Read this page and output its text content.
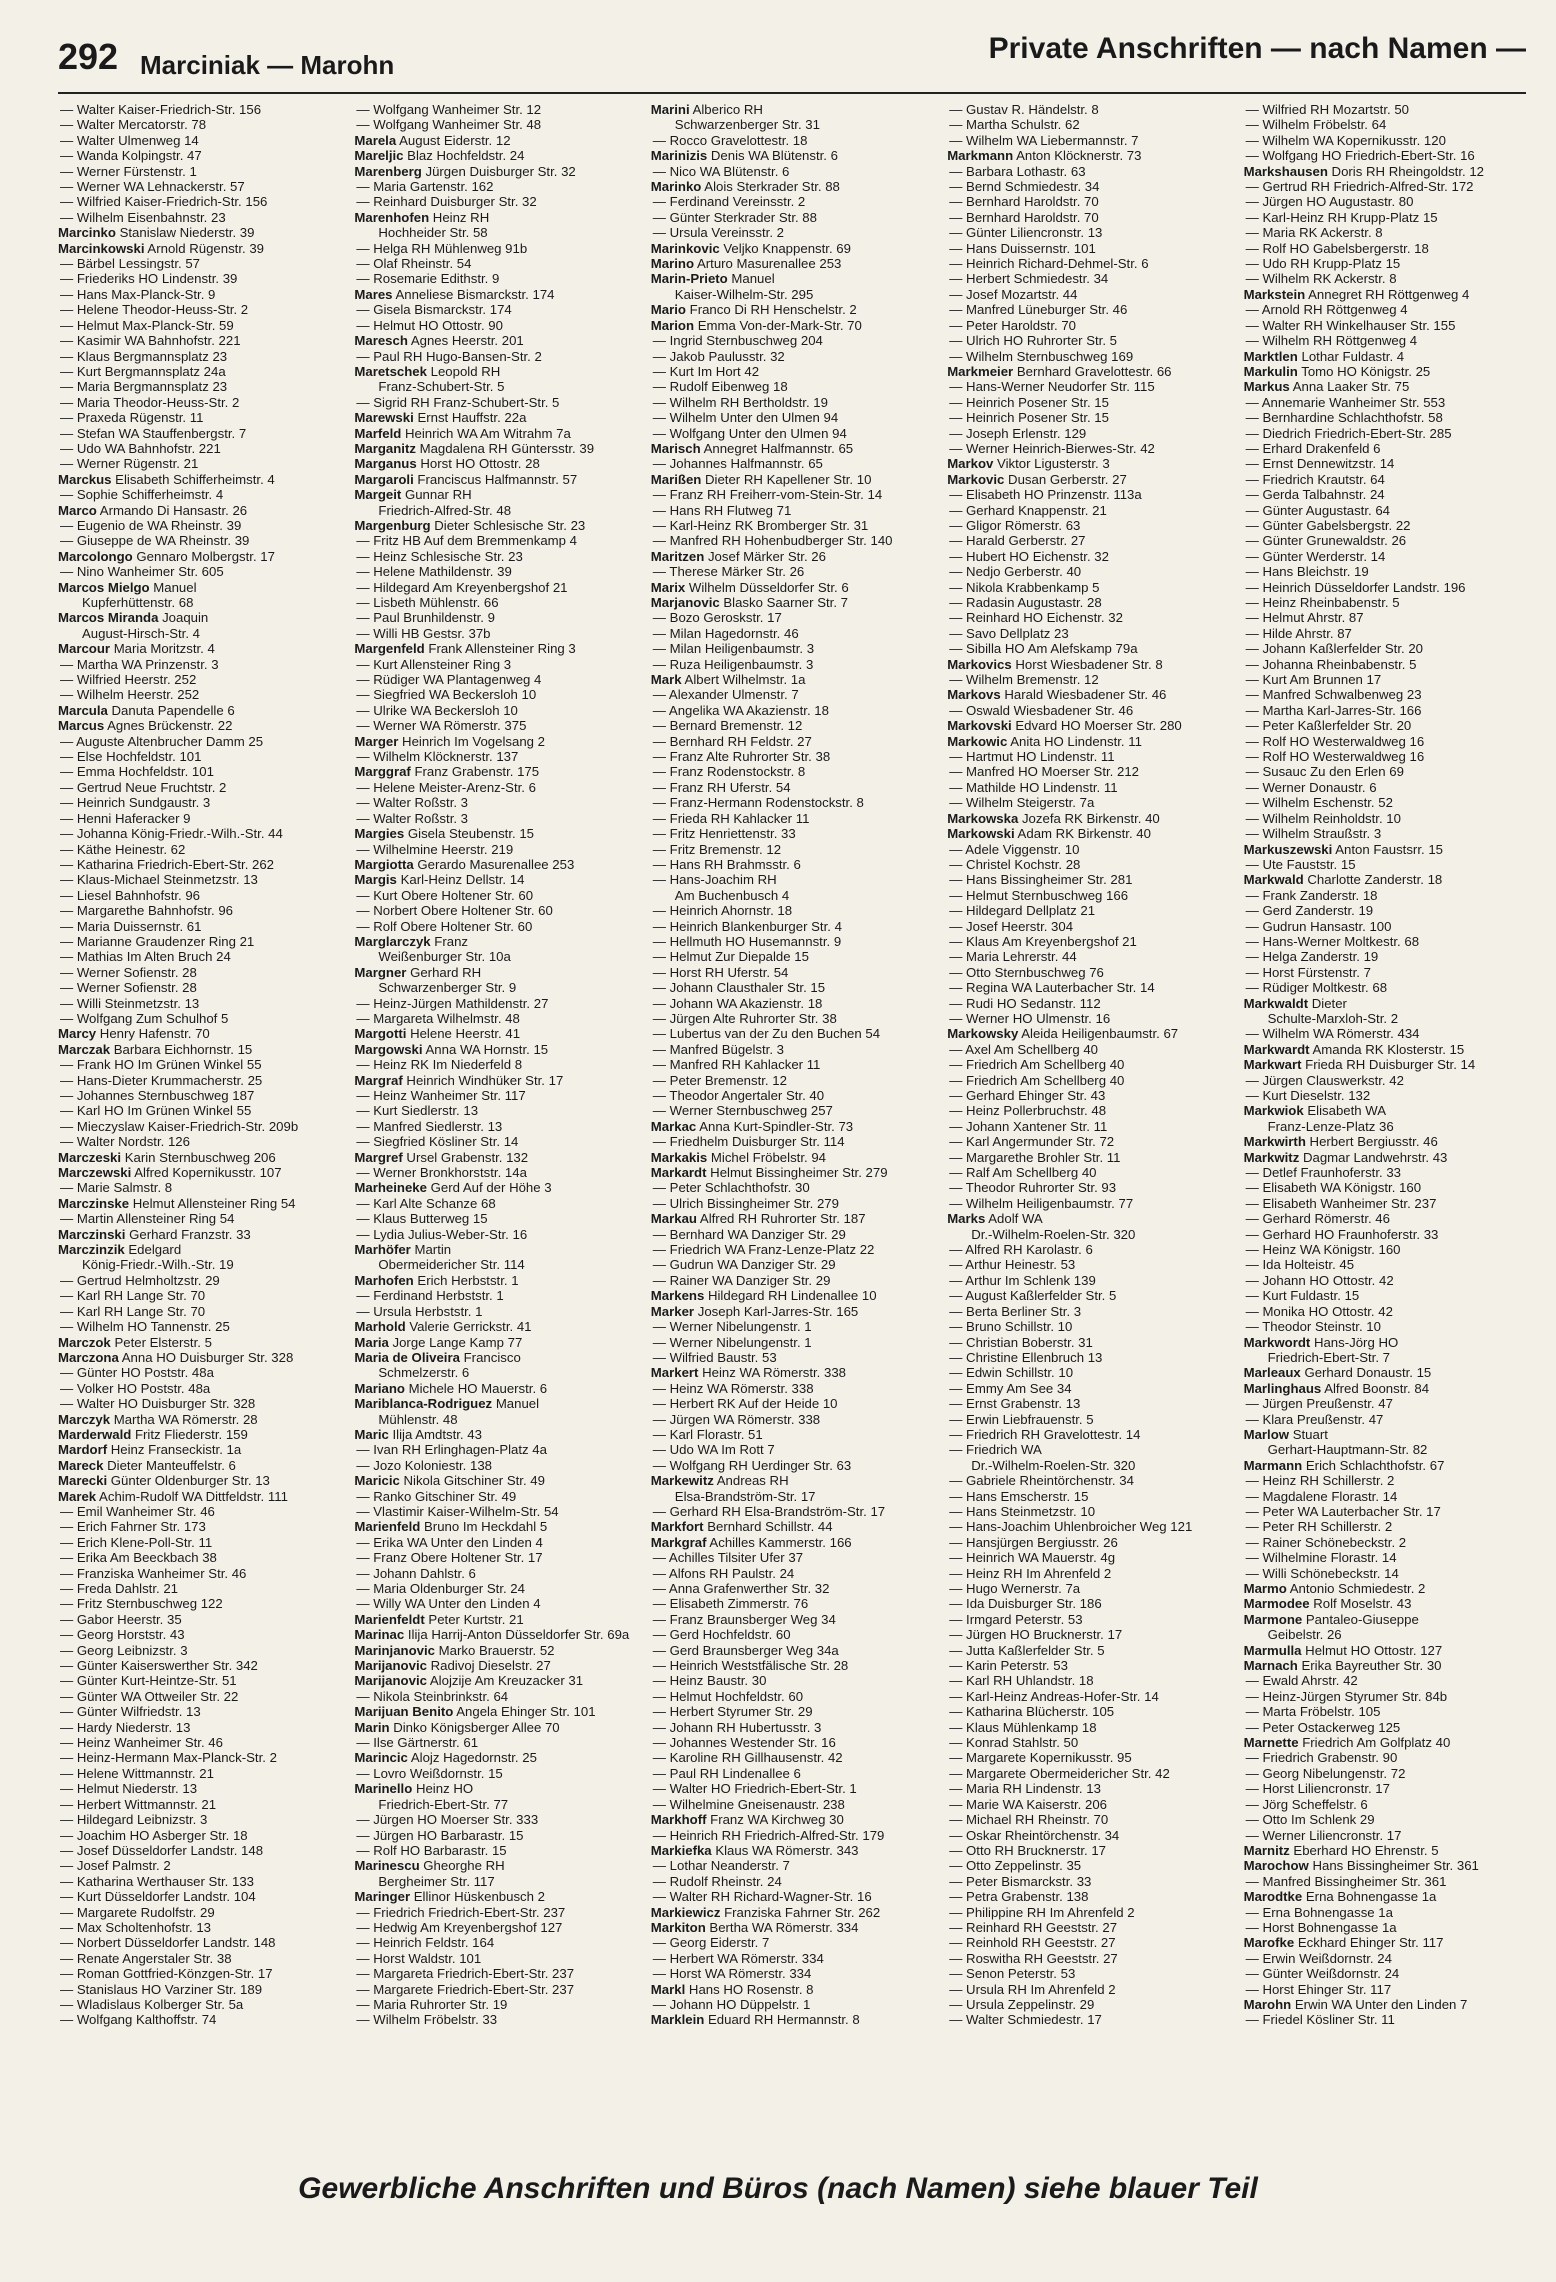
292 Marciniak — Marohn	Private Anschriften — nach Namen —
— Walter Kaiser-Friedrich-Str. 156
— Walter Mercatorstr. 78
— Walter Ulmenweg 14
— Wanda Kolpingstr. 47
— Werner Fürstenstr. 1
— Werner WA Lehnackerstr. 57
— Wilfried Kaiser-Friedrich-Str. 156
— Wilhelm Eisenbahnstr. 23
Marcinko Stanislaw Niederstr. 39
Marcinkowski Arnold Rügenstr. 39
— Bärbel Lessingstr. 57
— Friederiks HO Lindenstr. 39
— Hans Max-Planck-Str. 9
— Helene Theodor-Heuss-Str. 2
— Helmut Max-Planck-Str. 59
— Kasimir WA Bahnhofstr. 221
— Klaus Bergmannsplatz 23
— Kurt Bergmannsplatz 24a
— Maria Bergmannsplatz 23
— Maria Theodor-Heuss-Str. 2
— Praxeda Rügenstr. 11
— Stefan WA Stauffenbergstr. 7
— Udo WA Bahnhofstr. 221
— Werner Rügenstr. 21
Marckus Elisabeth Schifferheimstr. 4
— Sophie Schifferheimstr. 4
Marco Armando Di Hansastr. 26
— Eugenio de WA Rheinstr. 39
— Giuseppe de WA Rheinstr. 39
Marcolongo Gennaro Molbergstr. 17
— Nino Wanheimer Str. 605
Marcos Mielgo Manuel
Kupferhüttenstr. 68
Marcos Miranda Joaquin
August-Hirsch-Str. 4
Marcour Maria Moritzstr. 4
— Martha WA Prinzenstr. 3
— Wilfried Heerstr. 252
— Wilhelm Heerstr. 252
Marcula Danuta Papendelle 6
Marcus Agnes Brückenstr. 22
— Auguste Altenbrucher Damm 25
— Else Hochfeldstr. 101
— Emma Hochfeldstr. 101
— Gertrud Neue Fruchtstr. 2
— Heinrich Sundgaustr. 3
— Henni Haferacker 9
— Johanna König-Friedr.-Wilh.-Str. 44
— Käthe Heinestr. 62
— Katharina Friedrich-Ebert-Str. 262
— Klaus-Michael Steinmetzstr. 13
— Liesel Bahnhofstr. 96
— Margarethe Bahnhofstr. 96
— Maria Duissernstr. 61
— Marianne Graudenzer Ring 21
— Mathias Im Alten Bruch 24
— Werner Sofienstr. 28
— Werner Sofienstr. 28
— Willi Steinmetzstr. 13
— Wolfgang Zum Schulhof 5
Marcy Henry Hafenstr. 70
Marczak Barbara Eichhornstr. 15
— Frank HO Im Grünen Winkel 55
— Hans-Dieter Krummacherstr. 25
— Johannes Sternbuschweg 187
— Karl HO Im Grünen Winkel 55
— Mieczyslaw Kaiser-Friedrich-Str. 209b
— Walter Nordstr. 126
Marczeski Karin Sternbuschweg 206
Marczewski Alfred Kopernikusstr. 107
— Marie Salmstr. 8
Marczinske Helmut Allensteiner Ring 54
— Martin Allensteiner Ring 54
Marczinski Gerhard Franzstr. 33
Marczinzik Edelgard
König-Friedr.-Wilh.-Str. 19
— Gertrud Helmholtzstr. 29
— Karl RH Lange Str. 70
— Karl RH Lange Str. 70
— Wilhelm HO Tannenstr. 25
Marczok Peter Elsterstr. 5
Marczona Anna HO Duisburger Str. 328
— Günter HO Poststr. 48a
— Volker HO Poststr. 48a
— Walter HO Duisburger Str. 328
Marczyk Martha WA Römerstr. 28
Marderwald Fritz Fliederstr. 159
Mardorf Heinz Franseckistr. 1a
Mareck Dieter Manteuffelstr. 6
Marecki Günter Oldenburger Str. 13
Marek Achim-Rudolf WA Dittfeldstr. 111
— Emil Wanheimer Str. 46
— Erich Fahrner Str. 173
— Erich Klene-Poll-Str. 11
— Erika Am Beeckbach 38
— Franziska Wanheimer Str. 46
— Freda Dahlstr. 21
— Fritz Sternbuschweg 122
— Gabor Heerstr. 35
— Georg Horststr. 43
— Georg Leibnizstr. 3
— Günter Kaiserswerther Str. 342
— Günter Kurt-Heintze-Str. 51
— Günter WA Ottweiler Str. 22
— Günter Wilfriedstr. 13
— Hardy Niederstr. 13
— Heinz Wanheimer Str. 46
— Heinz-Hermann Max-Planck-Str. 2
— Helene Wittmannstr. 21
— Helmut Niederstr. 13
— Herbert Wittmannstr. 21
— Hildegard Leibnizstr. 3
— Joachim HO Asberger Str. 18
— Josef Düsseldorfer Landstr. 148
— Josef Palmstr. 2
— Katharina Werthauser Str. 133
— Kurt Düsseldorfer Landstr. 104
— Margarete Rudolfstr. 29
— Max Scholtenhofstr. 13
— Norbert Düsseldorfer Landstr. 148
— Renate Angerstaler Str. 38
— Roman Gottfried-Könzgen-Str. 17
— Stanislaus HO Varziner Str. 189
— Wladislaus Kolberger Str. 5a
— Wolfgang Kalthoffstr. 74
— Wolfgang Wanheimer Str. 12
— Wolfgang Wanheimer Str. 48
Marela August Eiderstr. 12
Mareljic Blaz Hochfeldstr. 24
Marenberg Jürgen Duisburger Str. 32
— Maria Gartenstr. 162
— Reinhard Duisburger Str. 32
Marenhofen Heinz RH
Hochheider Str. 58
— Helga RH Mühlenweg 91b
— Olaf Rheinstr. 54
— Rosemarie Edithstr. 9
Mares Anneliese Bismarckstr. 174
— Gisela Bismarckstr. 174
— Helmut HO Ottostr. 90
Maresch Agnes Heerstr. 201
— Paul RH Hugo-Bansen-Str. 2
Maretschek Leopold RH
Franz-Schubert-Str. 5
— Sigrid RH Franz-Schubert-Str. 5
Marewski Ernst Hauffstr. 22a
Marfeld Heinrich WA Am Witrahm 7a
Marganitz Magdalena RH Güntersstr. 39
Marganus Horst HO Ottostr. 28
Margaroli Franciscus Halfmannstr. 57
Margeit Gunnar RH
Friedrich-Alfred-Str. 48
Margenburg Dieter Schlesische Str. 23
— Fritz HB Auf dem Bremmenkamp 4
— Heinz Schlesische Str. 23
— Helene Mathildenstr. 39
— Hildegard Am Kreyenbergshof 21
— Lisbeth Mühlenstr. 66
— Paul Brunhildenstr. 9
— Willi HB Gestsr. 37b
Margenfeld Frank Allensteiner Ring 3
— Kurt Allensteiner Ring 3
— Rüdiger WA Plantagenweg 4
— Siegfried WA Beckersloh 10
— Ulrike WA Beckersloh 10
— Werner WA Römerstr. 375
Marger Heinrich Im Vogelsang 2
— Wilhelm Klöcknerstr. 137
Marggraf Franz Grabenstr. 175
— Helene Meister-Arenz-Str. 6
— Walter Roßstr. 3
— Walter Roßstr. 3
Margies Gisela Steubenstr. 15
— Wilhelmine Heerstr. 219
Margiotta Gerardo Masurenallee 253
Margis Karl-Heinz Dellstr. 14
— Kurt Obere Holtener Str. 60
— Norbert Obere Holtener Str. 60
— Rolf Obere Holtener Str. 60
Marglarczyk Franz
Weißenburger Str. 10a
Margner Gerhard RH
Schwarzenberger Str. 9
— Heinz-Jürgen Mathildenstr. 27
— Margareta Wilhelmstr. 48
Margotti Helene Heerstr. 41
Margowski Anna WA Hornstr. 15
— Heinz RK Im Niederfeld 8
Margraf Heinrich Windhüker Str. 17
— Heinz Wanheimer Str. 117
— Kurt Siedlerstr. 13
— Manfred Siedlerstr. 13
— Siegfried Kösliner Str. 14
Margref Ursel Grabenstr. 132
— Werner Bronkhorststr. 14a
Marheineke Gerd Auf der Höhe 3
— Karl Alte Schanze 68
— Klaus Butterweg 15
— Lydia Julius-Weber-Str. 16
Marhöfer Martin
Obermeidericher Str. 114
Marhofen Erich Herbststr. 1
— Ferdinand Herbststr. 1
— Ursula Herbststr. 1
Marhold Valerie Gerrickstr. 41
Maria Jorge Lange Kamp 77
Maria de Oliveira Francisco
Schmelzerstr. 6
Mariano Michele HO Mauerstr. 6
Mariblanca-Rodriguez Manuel
Mühlenstr. 48
Maric Ilija Amdtstr. 43
— Ivan RH Erlinghagen-Platz 4a
— Jozo Koloniestr. 138
Maricic Nikola Gitschiner Str. 49
— Ranko Gitschiner Str. 49
— Vlastimir Kaiser-Wilhelm-Str. 54
Marienfeld Bruno Im Heckdahl 5
— Erika WA Unter den Linden 4
— Franz Obere Holtener Str. 17
— Johann Dahlstr. 6
— Maria Oldenburger Str. 24
— Willy WA Unter den Linden 4
Marienfeldt Peter Kurtstr. 21
Marinac Ilija Harrij-Anton Düsseldorfer Str. 69a
Marinjanovic Marko Brauerstr. 52
Marijanovic Radivoj Dieselstr. 27
Marijanovic Alojzije Am Kreuzacker 31
— Nikola Steinbrinkstr. 64
Marijuan Benito Angela Ehinger Str. 101
Marin Dinko Königsberger Allee 70
— Ilse Gärtnerstr. 61
Marincic Alojz Hagedornstr. 25
— Lovro Weißdornstr. 15
Marinello Heinz HO
Friedrich-Ebert-Str. 77
— Jürgen HO Moerser Str. 333
— Jürgen HO Barbarastr. 15
— Rolf HO Barbarastr. 15
Marinescu Gheorghe RH
Bergheimer Str. 117
Maringer Ellinor Hüskenbusch 2
— Friedrich Friedrich-Ebert-Str. 237
— Hedwig Am Kreyenbergshof 127
— Heinrich Feldstr. 164
— Horst Waldstr. 101
— Margareta Friedrich-Ebert-Str. 237
— Margarete Friedrich-Ebert-Str. 237
— Maria Ruhrorter Str. 19
— Wilhelm Fröbelstr. 33
Marini Alberico RH
Schwarzenberger Str. 31
— Rocco Gravelottestr. 18
Marinizis Denis WA Blütenstr. 6
— Nico WA Blütenstr. 6
Marinko Alois Sterkrader Str. 88
— Ferdinand Vereinsstr. 2
— Günter Sterkrader Str. 88
— Ursula Vereinsstr. 2
Marinkovic Veljko Knappenstr. 69
Marino Arturo Masurenallee 253
Marin-Prieto Manuel
Kaiser-Wilhelm-Str. 295
Mario Franco Di RH Henschelstr. 2
Marion Emma Von-der-Mark-Str. 70
— Ingrid Sternbuschweg 204
— Jakob Paulusstr. 32
— Kurt Im Hort 42
— Rudolf Eibenweg 18
— Wilhelm RH Bertholdstr. 19
— Wilhelm Unter den Ulmen 94
— Wolfgang Unter den Ulmen 94
Marisch Annegret Halfmannstr. 65
— Johannes Halfmannstr. 65
Marißen Dieter RH Kapellener Str. 10
— Franz RH Freiherr-vom-Stein-Str. 14
— Hans RH Flutweg 71
— Karl-Heinz RK Bromberger Str. 31
— Manfred RH Hohenbudberger Str. 140
Maritzen Josef Märker Str. 26
— Therese Märker Str. 26
Marix Wilhelm Düsseldorfer Str. 6
Marjanovic Blasko Saarner Str. 7
— Bozo Geroskstr. 17
— Milan Hagedornstr. 46
— Milan Heiligenbaumstr. 3
— Ruza Heiligenbaumstr. 3
Mark Albert Wilhelmstr. 1a
— Alexander Ulmenstr. 7
— Angelika WA Akazienstr. 18
— Bernard Bremenstr. 12
— Bernhard RH Feldstr. 27
— Franz Alte Ruhrorter Str. 38
— Franz Rodenstockstr. 8
— Franz RH Uferstr. 54
— Franz-Hermann Rodenstockstr. 8
— Frieda RH Kahlacker 11
— Fritz Henriettenstr. 33
— Fritz Bremenstr. 12
— Hans RH Brahmsstr. 6
— Hans-Joachim RH
Am Buchenbusch 4
— Heinrich Ahornstr. 18
— Heinrich Blankenburger Str. 4
— Hellmuth HO Husemannstr. 9
— Helmut Zur Diepalde 15
— Horst RH Uferstr. 54
— Johann Clausthaler Str. 15
— Johann WA Akazienstr. 18
— Jürgen Alte Ruhrorter Str. 38
— Lubertus van der Zu den Buchen 54
— Manfred Bügelstr. 3
— Manfred RH Kahlacker 11
— Peter Bremenstr. 12
— Theodor Angertaler Str. 40
— Werner Sternbuschweg 257
Markac Anna Kurt-Spindler-Str. 73
— Friedhelm Duisburger Str. 114
Markakis Michel Fröbelstr. 94
Markardt Helmut Bissingheimer Str. 279
— Peter Schlachthofstr. 30
— Ulrich Bissingheimer Str. 279
Markau Alfred RH Ruhrorter Str. 187
— Bernhard WA Danziger Str. 29
— Friedrich WA Franz-Lenze-Platz 22
— Gudrun WA Danziger Str. 29
— Rainer WA Danziger Str. 29
Markens Hildegard RH Lindenallee 10
Marker Joseph Karl-Jarres-Str. 165
— Werner Nibelungenstr. 1
— Werner Nibelungenstr. 1
— Wilfried Baustr. 53
Markert Heinz WA Römerstr. 338
— Heinz WA Römerstr. 338
— Herbert RK Auf der Heide 10
— Jürgen WA Römerstr. 338
— Karl Florastr. 51
— Udo WA Im Rott 7
— Wolfgang RH Uerdinger Str. 63
Markewitz Andreas RH
Elsa-Brandström-Str. 17
— Gerhard RH Elsa-Brandström-Str. 17
Markfort Bernhard Schillstr. 44
Markgraf Achilles Kammerstr. 166
— Achilles Tilsiter Ufer 37
— Alfons RH Paulstr. 24
— Anna Grafenwerther Str. 32
— Elisabeth Zimmerstr. 76
— Franz Braunsberger Weg 34
— Gerd Hochfeldstr. 60
— Gerd Braunsberger Weg 34a
— Heinrich Weststfälische Str. 28
— Heinz Baustr. 30
— Helmut Hochfeldstr. 60
— Herbert Styrumer Str. 29
— Johann RH Hubertusstr. 3
— Johannes Westender Str. 16
— Karoline RH Gillhausenstr. 42
— Paul RH Lindenallee 6
— Walter HO Friedrich-Ebert-Str. 1
— Wilhelmine Gneisenaustr. 238
Markhoff Franz WA Kirchweg 30
— Heinrich RH Friedrich-Alfred-Str. 179
Markiefka Klaus WA Römerstr. 343
— Lothar Neanderstr. 7
— Rudolf Rheinstr. 24
— Walter RH Richard-Wagner-Str. 16
Markiewicz Franziska Fahrner Str. 262
Markiton Bertha WA Römerstr. 334
— Georg Eiderstr. 7
— Herbert WA Römerstr. 334
— Horst WA Römerstr. 334
Markl Hans HO Rosenstr. 8
— Johann HO Düppelstr. 1
Marklein Eduard RH Hermannstr. 8
— Gustav R. Händelstr. 8
— Martha Schulstr. 62
— Wilhelm WA Liebermannstr. 7
Markmann Anton Klöcknerstr. 73
— Barbara Lothastr. 63
— Bernd Schmiedestr. 34
— Bernhard Haroldstr. 70
— Bernhard Haroldstr. 70
— Günter Liliencronstr. 13
— Hans Duissernstr. 101
— Heinrich Richard-Dehmel-Str. 6
— Herbert Schmiedestr. 34
— Josef Mozartstr. 44
— Manfred Lüneburger Str. 46
— Peter Haroldstr. 70
— Ulrich HO Ruhrorter Str. 5
— Wilhelm Sternbuschweg 169
Markmeier Bernhard Gravelottestr. 66
— Hans-Werner Neudorfer Str. 115
— Heinrich Posener Str. 15
— Heinrich Posener Str. 15
— Joseph Erlenstr. 129
— Werner Heinrich-Bierwes-Str. 42
Markov Viktor Ligusterstr. 3
Markovic Dusan Gerberstr. 27
— Elisabeth HO Prinzenstr. 113a
— Gerhard Knappenstr. 21
— Gligor Römerstr. 63
— Harald Gerberstr. 27
— Hubert HO Eichenstr. 32
— Nedjo Gerberstr. 40
— Nikola Krabbenkamp 5
— Radasin Augustastr. 28
— Reinhard HO Eichenstr. 32
— Savo Dellplatz 23
— Sibilla HO Am Alefskamp 79a
Markovics Horst Wiesbadener Str. 8
— Wilhelm Bremenstr. 12
Markovs Harald Wiesbadener Str. 46
— Oswald Wiesbadener Str. 46
Markovski Edvard HO Moerser Str. 280
Markowic Anita HO Lindenstr. 11
— Hartmut HO Lindenstr. 11
— Manfred HO Moerser Str. 212
— Mathilde HO Lindenstr. 11
— Wilhelm Steigerstr. 7a
Markowska Jozefa RK Birkenstr. 40
Markowski Adam RK Birkenstr. 40
— Adele Viggenstr. 10
— Christel Kochstr. 28
— Hans Bissingheimer Str. 281
— Helmut Sternbuschweg 166
— Hildegard Dellplatz 21
— Josef Heerstr. 304
— Klaus Am Kreyenbergshof 21
— Maria Lehrerstr. 44
— Otto Sternbuschweg 76
— Regina WA Lauterbacher Str. 14
— Rudi HO Sedanstr. 112
— Werner HO Ulmenstr. 16
Markowsky Aleida Heiligenbaumstr. 67
— Axel Am Schellberg 40
— Friedrich Am Schellberg 40
— Friedrich Am Schellberg 40
— Gerhard Ehinger Str. 43
— Heinz Pollerbruchstr. 48
— Johann Xantener Str. 11
— Karl Angermunder Str. 72
— Margarethe Brohler Str. 11
— Ralf Am Schellberg 40
— Theodor Ruhrorter Str. 93
— Wilhelm Heiligenbaumstr. 77
Marks Adolf WA
Dr.-Wilhelm-Roelen-Str. 320
— Alfred RH Karolastr. 6
— Arthur Heinestr. 53
— Arthur Im Schlenk 139
— August Kaßlerfelder Str. 5
— Berta Berliner Str. 3
— Bruno Schillstr. 10
— Christian Boberstr. 31
— Christine Ellenbruch 13
— Edwin Schillstr. 10
— Emmy Am See 34
— Ernst Grabenstr. 13
— Erwin Liebfrauenstr. 5
— Friedrich RH Gravelottestr. 14
— Friedrich WA
Dr.-Wilhelm-Roelen-Str. 320
— Gabriele Rheintörchenstr. 34
— Hans Emscherstr. 15
— Hans Steinmetzstr. 10
— Hans-Joachim Uhlenbroicher Weg 121
— Hansjürgen Bergiusstr. 26
— Heinrich WA Mauerstr. 4g
— Heinz RH Im Ahrenfeld 2
— Hugo Wernerstr. 7a
— Ida Duisburger Str. 186
— Irmgard Peterstr. 53
— Jürgen HO Brucknerstr. 17
— Jutta Kaßlerfelder Str. 5
— Karin Peterstr. 53
— Karl RH Uhlandstr. 18
— Karl-Heinz Andreas-Hofer-Str. 14
— Katharina Blücherstr. 105
— Klaus Mühlenkamp 18
— Konrad Stahlstr. 50
— Margarete Kopernikusstr. 95
— Margarete Obermeidericher Str. 42
— Maria RH Lindenstr. 13
— Marie WA Kaiserstr. 206
— Michael RH Rheinstr. 70
— Oskar Rheintörchenstr. 34
— Otto RH Brucknerstr. 17
— Otto Zeppelinstr. 35
— Peter Bismarckstr. 33
— Petra Grabenstr. 138
— Philippine RH Im Ahrenfeld 2
— Reinhard RH Geeststr. 27
— Reinhold RH Geeststr. 27
— Roswitha RH Geeststr. 27
— Senon Peterstr. 53
— Ursula RH Im Ahrenfeld 2
— Ursula Zeppelinstr. 29
— Walter Schmiedestr. 17
— Wilfried RH Mozartstr. 50
— Wilhelm Fröbelstr. 64
— Wilhelm WA Kopernikusstr. 120
— Wolfgang HO Friedrich-Ebert-Str. 16
Markshausen Doris RH Rheingoldstr. 12
— Gertrud RH Friedrich-Alfred-Str. 172
— Jürgen HO Augustastr. 80
— Karl-Heinz RH Krupp-Platz 15
— Maria RK Ackerstr. 8
— Rolf HO Gabelsbergerstr. 18
— Udo RH Krupp-Platz 15
— Wilhelm RK Ackerstr. 8
Markstein Annegret RH Röttgenweg 4
— Arnold RH Röttgenweg 4
— Walter RH Winkelhauser Str. 155
— Wilhelm RH Röttgenweg 4
Marktlen Lothar Fuldastr. 4
Markulin Tomo HO Königstr. 25
Markus Anna Laaker Str. 75
— Annemarie Wanheimer Str. 553
— Bernhardine Schlachthofstr. 58
— Diedrich Friedrich-Ebert-Str. 285
— Erhard Drakenfeld 6
— Ernst Dennewitzstr. 14
— Friedrich Krautstr. 64
— Gerda Talbahnstr. 24
— Günter Augustastr. 64
— Günter Gabelsbergstr. 22
— Günter Grunewaldstr. 26
— Günter Werderstr. 14
— Hans Bleichstr. 19
— Heinrich Düsseldorfer Landstr. 196
— Heinz Rheinbabenstr. 5
— Helmut Ahrstr. 87
— Hilde Ahrstr. 87
— Johann Kaßlerfelder Str. 20
— Johanna Rheinbabenstr. 5
— Kurt Am Brunnen 17
— Manfred Schwalbenweg 23
— Martha Karl-Jarres-Str. 166
— Peter Kaßlerfelder Str. 20
— Rolf HO Westerwaldweg 16
— Rolf HO Westerwaldweg 16
— Susauc Zu den Erlen 69
— Werner Donaustr. 6
— Wilhelm Eschenstr. 52
— Wilhelm Reinholdstr. 10
— Wilhelm Straußstr. 3
Markuszewski Anton Faustsrr. 15
— Ute Fauststr. 15
Markwald Charlotte Zanderstr. 18
— Frank Zanderstr. 18
— Gerd Zanderstr. 19
— Gudrun Hansastr. 100
— Hans-Werner Moltkestr. 68
— Helga Zanderstr. 19
— Horst Fürstenstr. 7
— Rüdiger Moltkestr. 68
Markwaldt Dieter
Schulte-Marxloh-Str. 2
— Wilhelm WA Römerstr. 434
Markwardt Amanda RK Klosterstr. 15
Markwart Frieda RH Duisburger Str. 14
— Jürgen Clauswerkstr. 42
— Kurt Dieselstr. 132
Markwiok Elisabeth WA
Franz-Lenze-Platz 36
Markwirth Herbert Bergiusstr. 46
Markwitz Dagmar Landwehrstr. 43
— Detlef Fraunhoferstr. 33
— Elisabeth WA Königstr. 160
— Elisabeth Wanheimer Str. 237
— Gerhard Römerstr. 46
— Gerhard HO Fraunhoferstr. 33
— Heinz WA Königstr. 160
— Ida Holteistr. 45
— Johann HO Ottostr. 42
— Kurt Fuldastr. 15
— Monika HO Ottostr. 42
— Theodor Steinstr. 10
Markwordt Hans-Jörg HO
Friedrich-Ebert-Str. 7
Marleaux Gerhard Donaustr. 15
Marlinghaus Alfred Boonstr. 84
— Jürgen Preußenstr. 47
— Klara Preußenstr. 47
Marlow Stuart
Gerhart-Hauptmann-Str. 82
Marmann Erich Schlachthofstr. 67
— Heinz RH Schillerstr. 2
— Magdalene Florastr. 14
— Peter WA Lauterbacher Str. 17
— Peter RH Schillerstr. 2
— Rainer Schönebeckstr. 2
— Wilhelmine Florastr. 14
— Willi Schönebeckstr. 14
Marmo Antonio Schmiedestr. 2
Marmodee Rolf Moselstr. 43
Marmone Pantaleo-Giuseppe
Geibelstr. 26
Marmulla Helmut HO Ottostr. 127
Marnach Erika Bayreuther Str. 30
— Ewald Ahrstr. 42
— Heinz-Jürgen Styrumer Str. 84b
— Marta Fröbelstr. 105
— Peter Ostackerweg 125
Marnette Friedrich Am Golfplatz 40
— Friedrich Grabenstr. 90
— Georg Nibelungenstr. 72
— Horst Liliencronstr. 17
— Jörg Scheffelstr. 6
— Otto Im Schlenk 29
— Werner Liliencronstr. 17
Marnitz Eberhard HO Ehrenstr. 5
Marochow Hans Bissingheimer Str. 361
— Manfred Bissingheimer Str. 361
Marodtke Erna Bohnengasse 1a
— Erna Bohnengasse 1a
— Horst Bohnengasse 1a
Marofke Eckhard Ehinger Str. 117
— Erwin Weißdornstr. 24
— Günter Weißdornstr. 24
— Horst Ehinger Str. 117
Marohn Erwin WA Unter den Linden 7
— Friedel Kösliner Str. 11
Gewerbliche Anschriften und Büros (nach Namen) siehe blauer Teil
